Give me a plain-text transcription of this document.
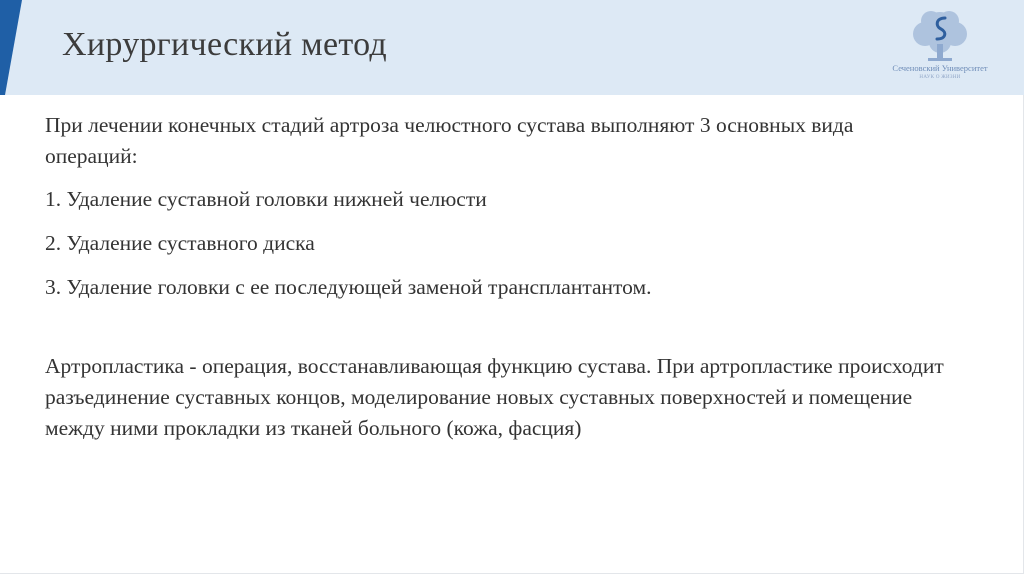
Хирургический метод
Сеченовский Университет
НАУК О ЖИЗНИ

При лечении конечных стадий артроза челюстного сустава выполняют 3 основных вида операций:

1. Удаление суставной головки нижней челюсти

2. Удаление суставного диска

3. Удаление головки с ее последующей заменой трансплантантом.

Артропластика - операция, восстанавливающая функцию сустава. При артропластике происходит разъединение суставных концов, моделирование новых суставных поверхностей и помещение между ними прокладки из тканей больного (кожа, фасция)
